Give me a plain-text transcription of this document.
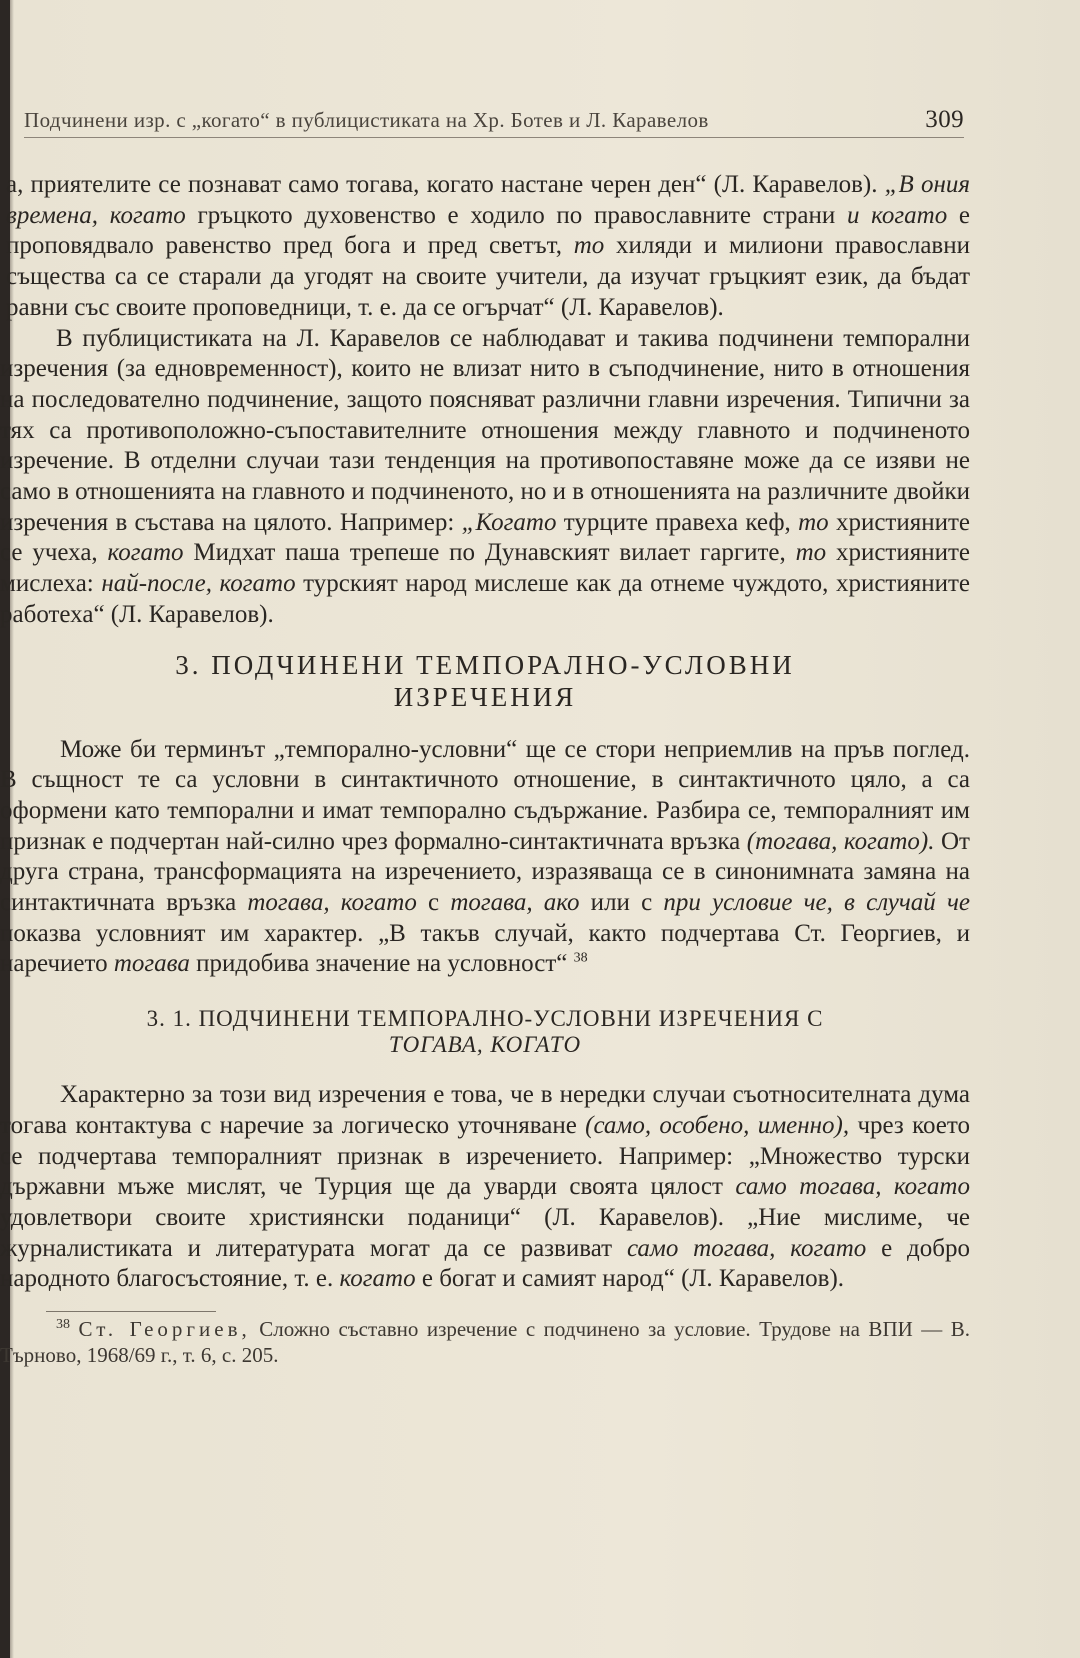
Подчинени изр. с „когато“ в публицистиката на Хр. Ботев и Л. Каравелов	309

а, приятелите се познават само тогава, когато настане черен ден“ (Л. Каравелов). „В ония времена, когато гръцкото духовенство е ходило по православните страни и когато е проповядвало равенство пред бога и пред светът, то хиляди и милиони православни същества са се старали да угодят на своите учители, да изучат гръцкият език, да бъдат равни със своите проповедници, т. е. да се огърчат“ (Л. Каравелов).

В публицистиката на Л. Каравелов се наблюдават и такива подчинени темпорални изречения (за едновременност), които не влизат нито в съподчинение, нито в отношения на последователно подчинение, защото поясняват различни главни изречения. Типични за тях са противоположно-съпоставителните отношения между главното и подчиненото изречение. В отделни случаи тази тенденция на противопоставяне може да се изяви не само в отношенията на главното и подчиненото, но и в отношенията на различните двойки изречения в състава на цялото. Например: „Когато турците правеха кеф, то християните се учеха, когато Мидхат паша трепеше по Дунавският вилает гаргите, то християните мислеха: най-после, когато турският народ мислеше как да отнеме чуждото, християните работеха“ (Л. Каравелов).

3. ПОДЧИНЕНИ ТЕМПОРАЛНО-УСЛОВНИ
ИЗРЕЧЕНИЯ

Може би терминът „темпорално-условни“ ще се стори неприемлив на пръв поглед. В същност те са условни в синтактичното отношение, в синтактичното цяло, а са оформени като темпорални и имат темпорално съдържание. Разбира се, темпоралният им признак е подчертан най-силно чрез формално-синтактичната връзка (тогава, когато). От друга страна, трансформацията на изречението, изразяваща се в синонимната замяна на синтактичната връзка тогава, когато с тогава, ако или с при условие че, в случай че показва условният им характер. „В такъв случай, както подчертава Ст. Георгиев, и наречието тогава придобива значение на условност“ $^{38}$

3. 1. ПОДЧИНЕНИ ТЕМПОРАЛНО-УСЛОВНИ ИЗРЕЧЕНИЯ С
ТОГАВА, КОГАТО

Характерно за този вид изречения е това, че в нередки случаи съотносителната дума тогава контактува с наречие за логическо уточняване (само, особено, именно), чрез което се подчертава темпоралният признак в изречението. Например: „Множество турски държавни мъже мислят, че Турция ще да уварди своята цялост само тогава, когато удовлетвори своите християнски поданици“ (Л. Каравелов). „Ние мислиме, че журналистиката и литературата могат да се развиват само тогава, когато е добро народното благосъстояние, т. е. когато е богат и самият народ“ (Л. Каравелов).

$^{38}$ Ст. Георгиев, Сложно съставно изречение с подчинено за условие. Трудове на ВПИ — В. Търново, 1968/69 г., т. 6, с. 205.
